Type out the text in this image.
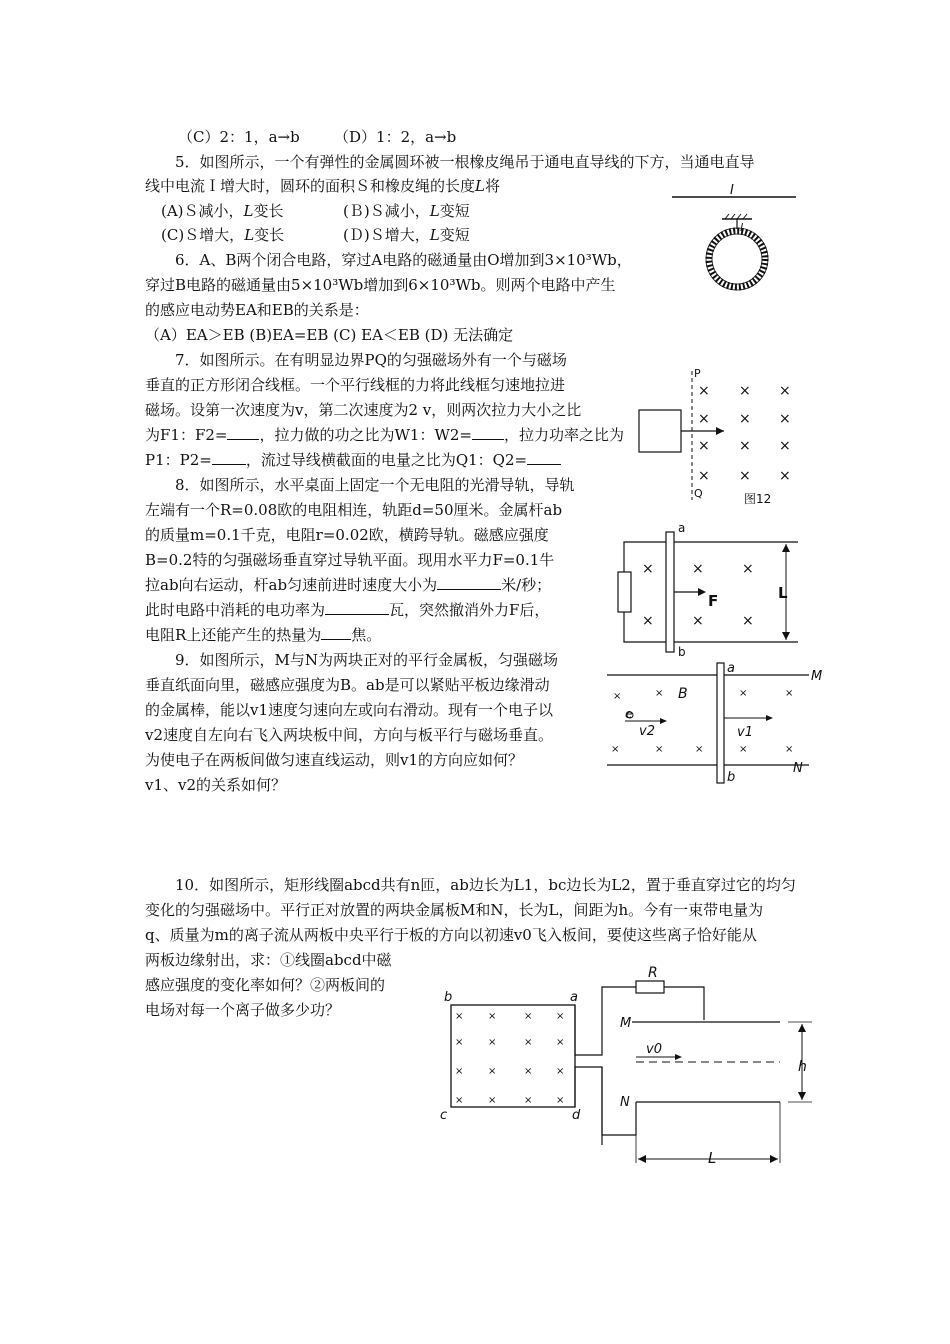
（C）2：1，a→b （D）1：2，a→b
5．如图所示，一个有弹性的金属圆环被一根橡皮绳吊于通电直导线的下方，当通电直导
线中电流Ｉ增大时，圆环的面积Ｓ和橡皮绳的长度L将
(A)Ｓ减小，L变长	(Ｂ)Ｓ减小，L变短
(C)Ｓ增大，L变长	(Ｄ)Ｓ增大，L变短
I
l
6．A、B两个闭合电路，穿过A电路的磁通量由O增加到3×10³Wb，
穿过B电路的磁通量由5×10³Wb增加到6×10³Wb。则两个电路中产生
的感应电动势EA和EB的关系是：
（A）EA＞EB (B)EA=EB (C) EA＜EB (D) 无法确定
7．如图所示。在有明显边界PQ的匀强磁场外有一个与磁场
垂直的正方形闭合线框。一个平行线框的力将此线框匀速地拉进
磁场。设第一次速度为v，第二次速度为2 v，则两次拉力大小之比
为F1：F2= ，拉力做的功之比为W1：W2= ，拉力功率之比为
P1：P2= ，流过导线横截面的电量之比为Q1：Q2=
P
Q
× × ×
× × ×
× × ×
× × ×
图12
8．如图所示，水平桌面上固定一个无电阻的光滑导轨，导轨
左端有一个R=0.08欧的电阻相连，轨距d=50厘米。金属杆ab
的质量m=0.1千克，电阻r=0.02欧，横跨导轨。磁感应强度
B=0.2特的匀强磁场垂直穿过导轨平面。现用水平力F=0.1牛
拉ab向右运动，杆ab匀速前进时速度大小为	米/秒；
此时电路中消耗的电功率为	瓦，突然撤消外力F后，
电阻R上还能产生的热量为 焦。
a
b
F
×	×	×
×	×	×
L
9．如图所示，M与N为两块正对的平行金属板，匀强磁场
垂直纸面向里，磁感应强度为B。ab是可以紧贴平板边缘滑动
的金属棒，能以v1速度匀速向左或向右滑动。现有一个电子以
v2速度自左向右飞入两块板中间，方向与板平行与磁场垂直。
为使电子在两板间做匀速直线运动，则v1的方向应如何？
v1、v2的关系如何？
M
N
a
b
B
×	×	×	×
×	×	×	×	×
e
v2	v1
10．如图所示，矩形线圈abcd共有n匝，ab边长为L1，bc边长为L2，置于垂直穿过它的均匀
变化的匀强磁场中。平行正对放置的两块金属板M和N，长为L，间距为h。今有一束带电量为
q、质量为m的离子流从两板中央平行于板的方向以初速v0飞入板间，要使这些离子恰好能从
两板边缘射出，求：①线圈abcd中磁
感应强度的变化率如何？②两板间的
电场对每一个离子做多少功？
b	a
c	d
× ×	× ×
× ×	× ×
× ×	× ×
× ×	× ×
R
M
N
v0
h
L
